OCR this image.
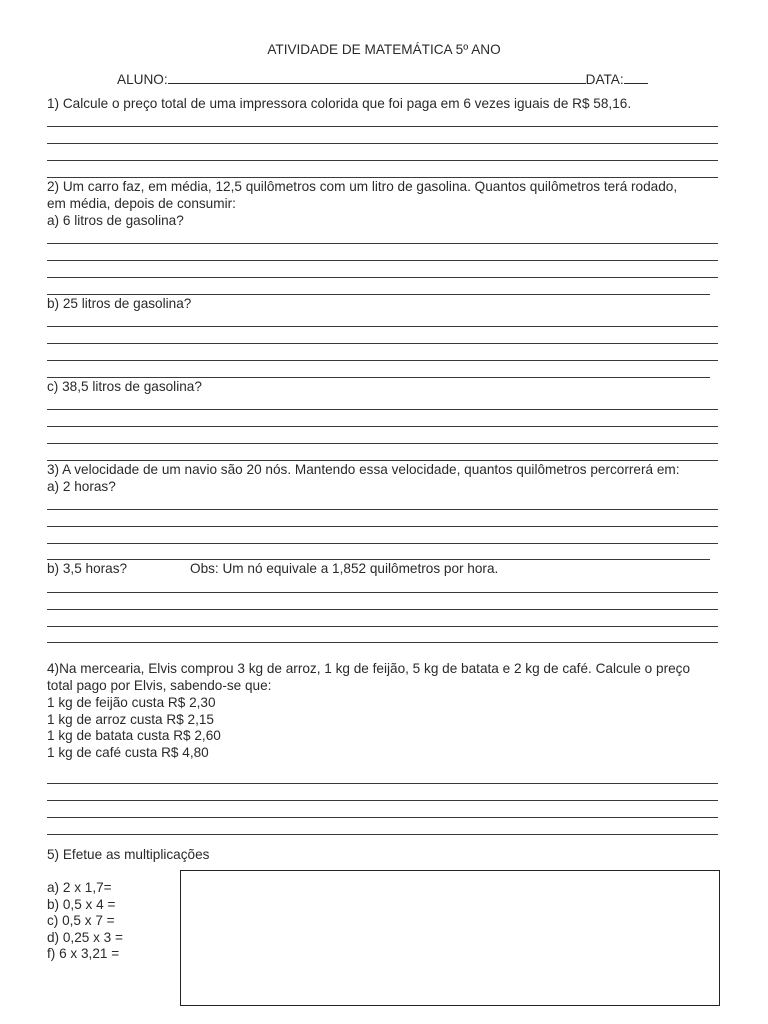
ATIVIDADE DE MATEMÁTICA 5º ANO
ALUNO:	DATA:
1) Calcule o preço total de uma impressora colorida que foi paga em 6 vezes iguais de R$ 58,16.
2) Um carro faz, em média, 12,5 quilômetros com um litro de gasolina. Quantos quilômetros terá rodado,
em média, depois de consumir:
a) 6 litros de gasolina?
b) 25 litros de gasolina?
c) 38,5 litros de gasolina?
3) A velocidade de um navio são 20 nós. Mantendo essa velocidade, quantos quilômetros percorrerá em:
a) 2 horas?
b) 3,5 horas?	Obs: Um nó equivale a 1,852 quilômetros por hora.
4)Na mercearia, Elvis comprou 3 kg de arroz, 1 kg de feijão, 5 kg de batata e 2 kg de café. Calcule o preço
total pago por Elvis, sabendo-se que:
1 kg de feijão custa R$ 2,30
1 kg de arroz custa R$ 2,15
1 kg de batata custa R$ 2,60
1 kg de café custa R$ 4,80
5) Efetue as multiplicações
a) 2 x 1,7=
b) 0,5 x 4 =
c) 0,5 x 7 =
d) 0,25 x 3 =
f) 6 x 3,21 =
